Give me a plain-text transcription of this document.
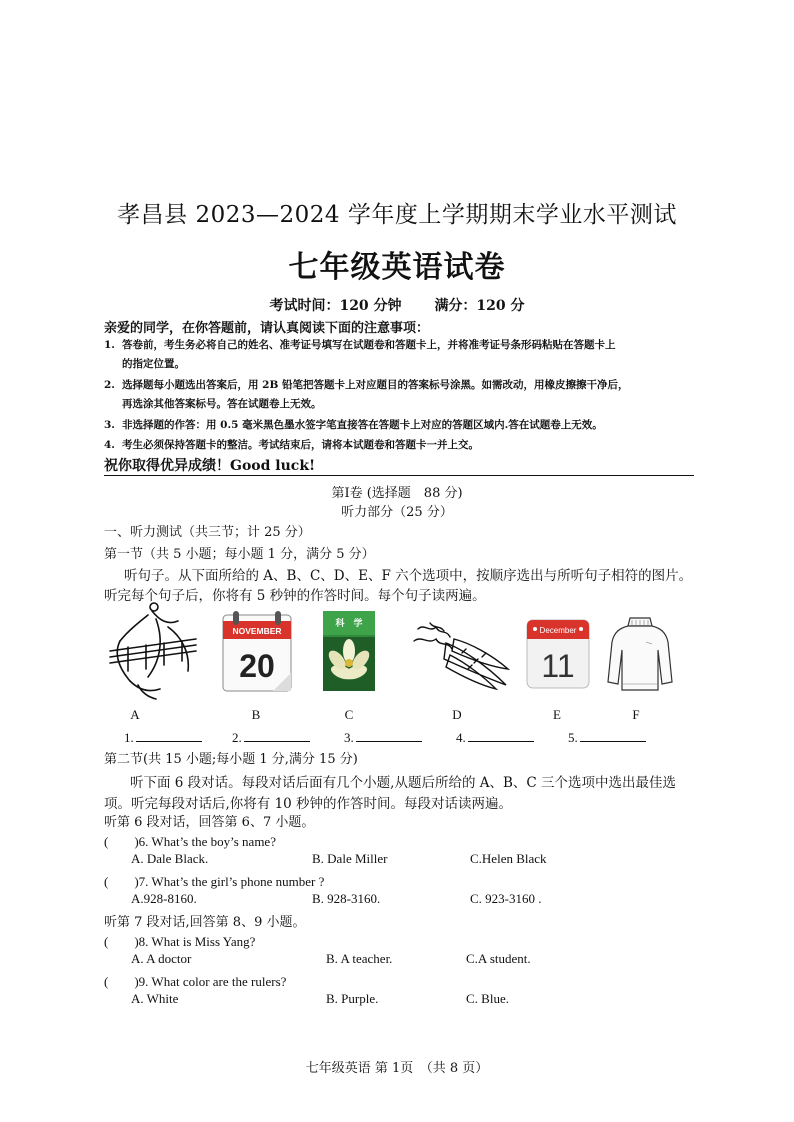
孝昌县 2023—2024 学年度上学期期末学业水平测试
七年级英语试卷
考试时间：120 分钟 满分：120 分
亲爱的同学，在你答题前，请认真阅读下面的注意事项：
1. 答卷前，考生务必将自己的姓名、准考证号填写在试题卷和答题卡上，并将准考证号条形码粘贴在答题卡上
的指定位置。
2. 选择题每小题选出答案后，用 2B 铅笔把答题卡上对应题目的答案标号涂黑。如需改动，用橡皮擦擦干净后，
再选涂其他答案标号。答在试题卷上无效。
3. 非选择题的作答：用 0.5 毫米黑色墨水签字笔直接答在答题卡上对应的答题区域内.答在试题卷上无效。
4. 考生必须保持答题卡的整洁。考试结束后，请将本试题卷和答题卡一并上交。
祝你取得优异成绩！Good luck!
第Ⅰ卷 (选择题　88 分)
听力部分（25 分）
一、听力测试（共三节；计 25 分）
第一节（共 5 小题；每小题 1 分，满分 5 分）
听句子。从下面所给的 A、B、C、D、E、F 六个选项中，按顺序选出与所听句子相符的图片。
听完每个句子后，你将有 5 秒钟的作答时间。每个句子读两遍。
NOVEMBER
20
科　学
December
11
A	B	C	D	E	F
1.	2.	3.	4.	5.
第二节(共 15 小题;每小题 1 分,满分 15 分)
听下面 6 段对话。每段对话后面有几个小题,从题后所给的 A、B、C 三个选项中选出最佳选
项。听完每段对话后,你将有 10 秒钟的作答时间。每段对话读两遍。
听第 6 段对话，回答第 6、7 小题。
(　　)6. What’s the boy’s name?
A. Dale Black.	B. Dale Miller	C.Helen Black
(　　)7. What’s the girl’s phone number ?
A.928-8160.	B. 928-3160.	C. 923-3160 .
听第 7 段对话,回答第 8、9 小题。
(　　)8. What is Miss Yang?
A. A doctor	B. A teacher.	C.A student.
(　　)9. What color are the rulers?
A. White	B. Purple.	C. Blue.
七年级英语 第 1页　（共 8 页）
